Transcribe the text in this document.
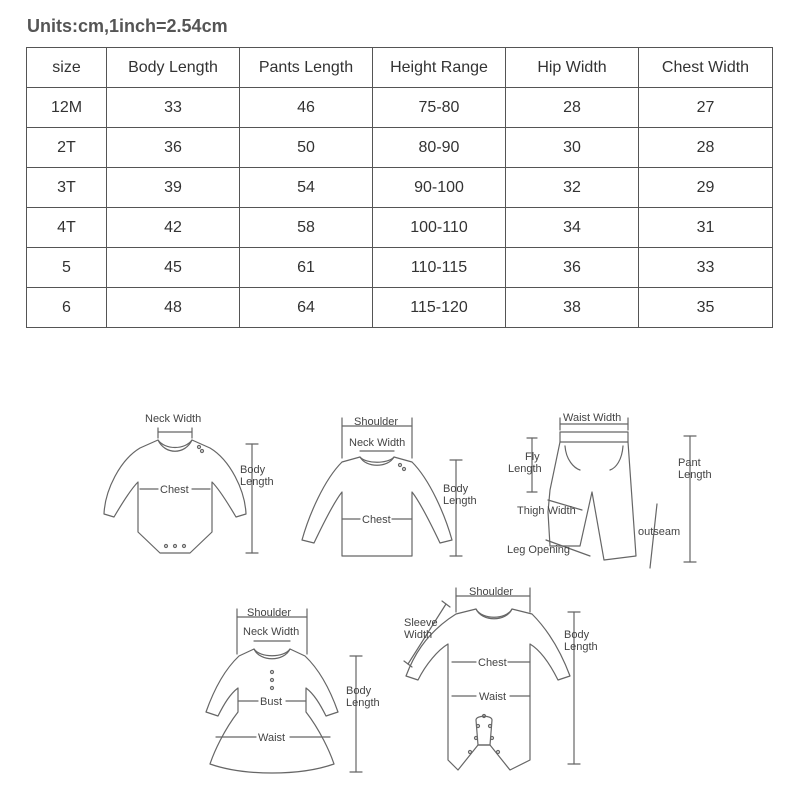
Units:cm,1inch=2.54cm
size	Body Length	Pants Length	Height Range	Hip Width	Chest Width
12M	33	46	75-80	28	27
2T	36	50	80-90	30	28
3T	39	54	90-100	32	29
4T	42	58	100-110	34	31
5	45	61	110-115	36	33
6	48	64	115-120	38	35
Neck Width
Body
Length
Chest
Shoulder
Neck Width
Body
Length
Chest
Waist Width
Fly
Length	Pant
Length
Thigh Width
outseam
Leg Opening
Shoulder
Neck Width
Body
Length
Bust
Waist
Shoulder
Sleeve
Width	Body
Length
Chest
Waist
